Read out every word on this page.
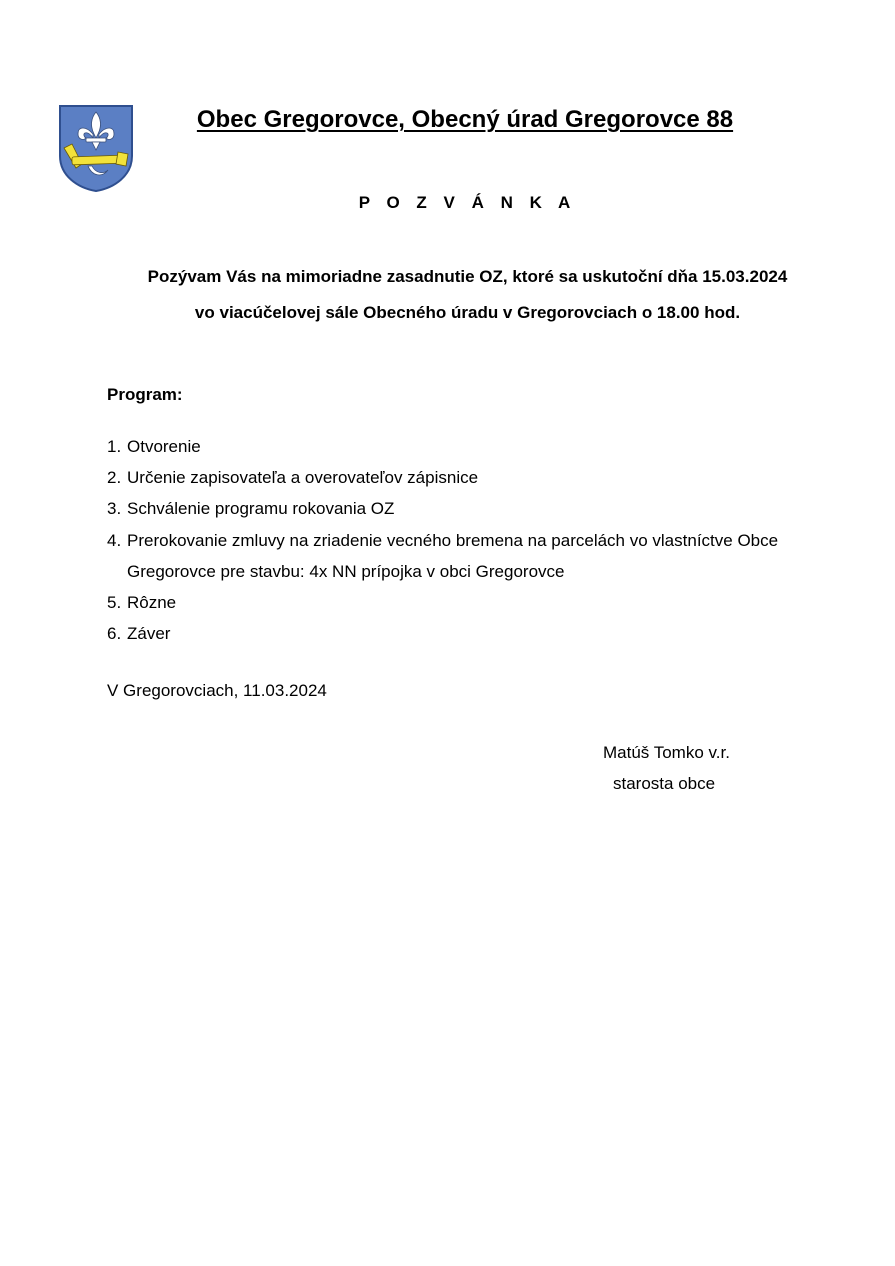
Obec Gregorovce, Obecný úrad Gregorovce 88
P O Z V Á N K A
Pozývam Vás na mimoriadne zasadnutie OZ, ktoré sa uskutoční dňa 15.03.2024
vo viacúčelovej sále Obecného úradu v Gregorovciach o 18.00 hod.
Program:
1. Otvorenie
2. Určenie zapisovateľa a overovateľov zápisnice
3. Schválenie programu rokovania OZ
4. Prerokovanie zmluvy na zriadenie vecného bremena na parcelách vo vlastníctve Obce Gregorovce pre stavbu: 4x NN prípojka v obci Gregorovce
5. Rôzne
6. Záver
V Gregorovciach, 11.03.2024
Matúš Tomko v.r.
starosta obce
